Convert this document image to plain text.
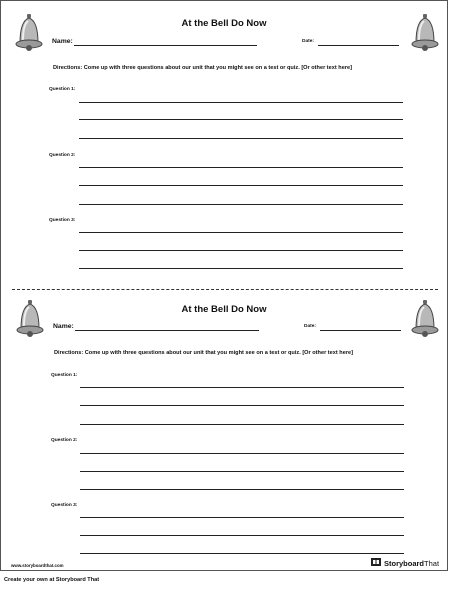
At the Bell Do Now
Name:	Date:
Directions: Come up with three questions about our unit that you might see on a test or quiz. [Or other text here]
Question 1:
Question 2:
Question 3:
At the Bell Do Now
Name:	Date:
Directions: Come up with three questions about our unit that you might see on a test or quiz. [Or other text here]
Question 1:
Question 2:
Question 3:
www.storyboardthat.com	StoryboardThat
Create your own at Storyboard That
